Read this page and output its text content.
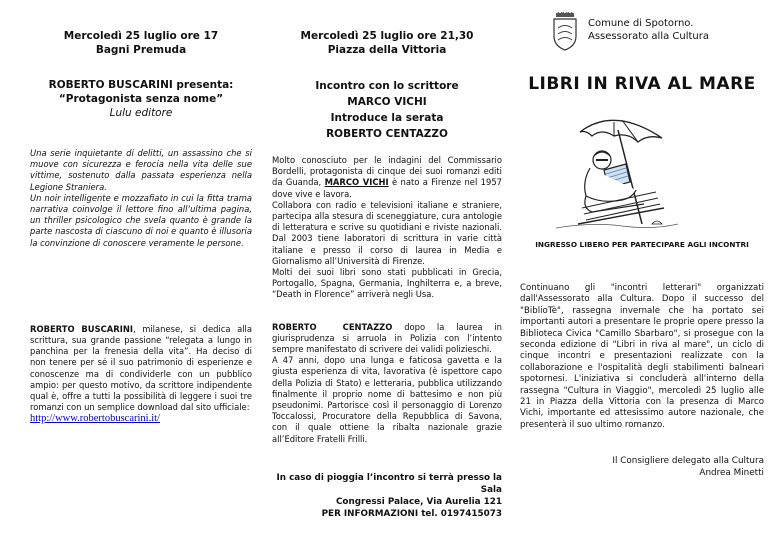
Mercoledì 25 luglio ore 17
Bagni Premuda
ROBERTO BUSCARINI presenta:
“Protagonista senza nome”
Lulu editore

Una serie inquietante di delitti, un assassino che si muove con sicurezza e ferocia nella vita delle sue vittime, sostenuto dalla passata esperienza nella Legione Straniera.

Un noir intelligente e mozzafiato in cui la fitta trama narrativa coinvolge il lettore fino all’ultima pagina, un thriller psicologico che svela quanto è grande la parte nascosta di ciascuno di noi e quanto è illusoria la convinzione di conoscere veramente le persone.

ROBERTO BUSCARINI, milanese, si dedica alla scrittura, sua grande passione “relegata a lungo in panchina per la frenesia della vita”. Ha deciso di non tenere per sé il suo patrimonio di esperienze e conoscenze ma di condividerle con un pubblico ampio: per questo motivo, da scrittore indipendente qual è, offre a tutti la possibilità di leggere i suoi tre romanzi con un semplice download dal sito ufficiale:
http://www.robertobuscarini.it/
Mercoledì 25 luglio ore 21,30
Piazza della Vittoria
Incontro con lo scrittore
MARCO VICHI
Introduce la serata
ROBERTO CENTAZZO

Molto conosciuto per le indagini del Commissario Bordelli, protagonista di cinque dei suoi romanzi editi da Guanda, MARCO VICHI è nato a Firenze nel 1957 dove vive e lavora.

Collabora con radio e televisioni italiane e straniere, partecipa alla stesura di sceneggiature, cura antologie di letteratura e scrive su quotidiani e riviste nazionali. Dal 2003 tiene laboratori di scrittura in varie città italiane e presso il corso di laurea in Media e Giornalismo all’Università di Firenze.

Molti dei suoi libri sono stati pubblicati in Grecia, Portogallo, Spagna, Germania, Inghilterra e, a breve, “Death in Florence” arriverà negli Usa.

ROBERTO CENTAZZO dopo la laurea in giurisprudenza si arruola in Polizia con l’intento sempre manifestato di scrivere dei validi polizieschi.

A 47 anni, dopo una lunga e faticosa gavetta e la giusta esperienza di vita, lavorativa (è ispettore capo della Polizia di Stato) e letteraria, pubblica utilizzando finalmente il proprio nome di battesimo e non più pseudonimi. Partorisce così il personaggio di Lorenzo Toccalossi, Procuratore della Repubblica di Savona, con il quale ottiene la ribalta nazionale grazie all’Editore Fratelli Frilli.

In caso di pioggia l’incontro si terrà presso la Sala
Congressi Palace, Via Aurelia 121
PER INFORMAZIONI tel. 0197415073
Comune di Spotorno.
Assessorato alla Cultura
LIBRI IN RIVA AL MARE
INGRESSO LIBERO PER PARTECIPARE AGLI INCONTRI
Continuano gli "incontri letterari" organizzati dall'Assessorato alla Cultura. Dopo il successo del "BiblioTè", rassegna invernale che ha portato sei importanti autori a presentare le proprie opere presso la Biblioteca Civica "Camillo Sbarbaro", si prosegue con la seconda edizione di "Libri in riva al mare", un ciclo di cinque incontri e presentazioni realizzate con la collaborazione e l'ospitalità degli stabilimenti balneari spotornesi. L'iniziativa si concluderà all'interno della rassegna "Cultura in Viaggio", mercoledì 25 luglio alle 21 in Piazza della Vittoria con la presenza di Marco Vichi, importante ed attesissimo autore nazionale, che presenterà il suo ultimo romanzo.
Il Consigliere delegato alla Cultura
Andrea Minetti
